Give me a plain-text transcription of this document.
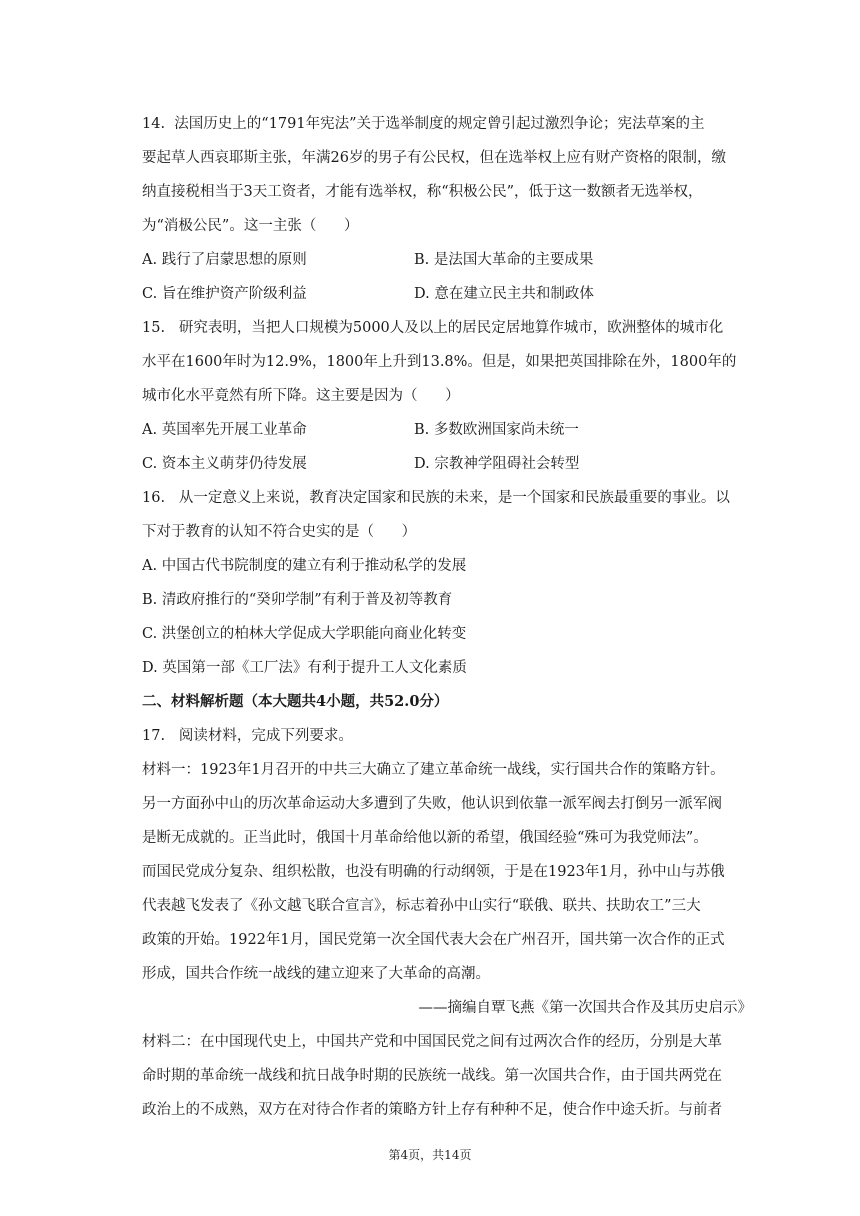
14.  法国历史上的“1791年宪法”关于选举制度的规定曾引起过激烈争论；宪法草案的主
要起草人西哀耶斯主张，年满26岁的男子有公民权，但在选举权上应有财产资格的限制，缴
纳直接税相当于3天工资者，才能有选举权，称“积极公民”，低于这一数额者无选举权，
为“消极公民”。这一主张（      ）
A. 践行了启蒙思想的原则	B. 是法国大革命的主要成果
C. 旨在维护资产阶级利益	D. 意在建立民主共和制政体
15.   研究表明，当把人口规模为5000人及以上的居民定居地算作城市，欧洲整体的城市化
水平在1600年时为12.9%，1800年上升到13.8%。但是，如果把英国排除在外，1800年的
城市化水平竟然有所下降。这主要是因为（      ）
A. 英国率先开展工业革命	B. 多数欧洲国家尚未统一
C. 资本主义萌芽仍待发展	D. 宗教神学阻碍社会转型
16.   从一定意义上来说，教育决定国家和民族的未来，是一个国家和民族最重要的事业。以
下对于教育的认知不符合史实的是（      ）
A. 中国古代书院制度的建立有利于推动私学的发展
B. 清政府推行的“癸卯学制”有利于普及初等教育
C. 洪堡创立的柏林大学促成大学职能向商业化转变
D. 英国第一部《工厂法》有利于提升工人文化素质
二、材料解析题（本大题共4小题，共52.0分）
17.   阅读材料，完成下列要求。
材料一：1923年1月召开的中共三大确立了建立革命统一战线，实行国共合作的策略方针。
另一方面孙中山的历次革命运动大多遭到了失败，他认识到依靠一派军阀去打倒另一派军阀
是断无成就的。正当此时，俄国十月革命给他以新的希望，俄国经验“殊可为我党师法”。
而国民党成分复杂、组织松散，也没有明确的行动纲领，于是在1923年1月，孙中山与苏俄
代表越飞发表了《孙文越飞联合宣言》，标志着孙中山实行“联俄、联共、扶助农工”三大
政策的开始。1922年1月，国民党第一次全国代表大会在广州召开，国共第一次合作的正式
形成，国共合作统一战线的建立迎来了大革命的高潮。
——摘编自覃飞燕《第一次国共合作及其历史启示》
材料二：在中国现代史上，中国共产党和中国国民党之间有过两次合作的经历，分别是大革
命时期的革命统一战线和抗日战争时期的民族统一战线。第一次国共合作，由于国共两党在
政治上的不成熟，双方在对待合作者的策略方针上存有种种不足，使合作中途夭折。与前者
第4页，共14页
